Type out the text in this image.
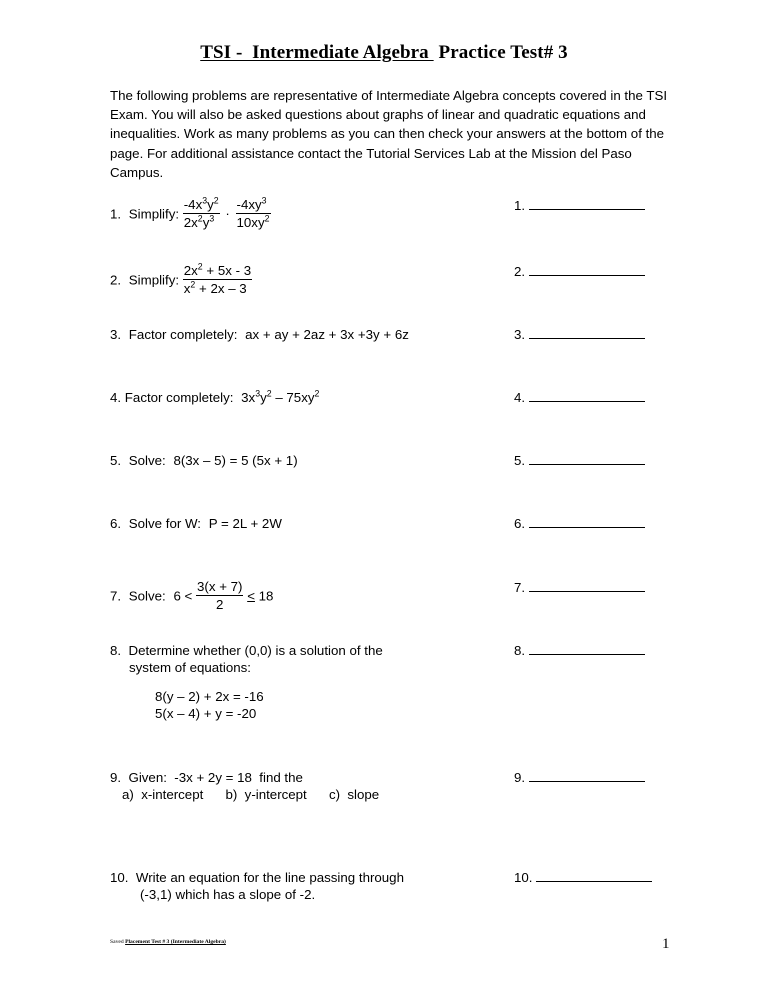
TSI -  Intermediate Algebra  Practice Test# 3
The following problems are representative of Intermediate Algebra concepts covered in the TSI Exam. You will also be asked questions about graphs of linear and quadratic equations and inequalities. Work as many problems as you can then check your answers at the bottom of the page. For additional assistance contact the Tutorial Services Lab at the Mission del Paso Campus.
1. Simplify: $\frac{-4x^3y^2}{2x^2y^3} \cdot \frac{-4xy^3}{10xy^2}$
2. Simplify: $\frac{2x^2 + 5x - 3}{x^2 + 2x - 3}$
3. Factor completely: ax + ay + 2az + 3x +3y + 6z
4. Factor completely: $3x^3y^2 - 75xy^2$
5. Solve: 8(3x – 5) = 5 (5x + 1)
6. Solve for W: P = 2L + 2W
7. Solve: $6 < \frac{3(x + 7)}{2} \le 18$
8. Determine whether (0,0) is a solution of the
system of equations:
8(y – 2) + 2x = -16
5(x – 4) + y = -20
9. Given:  -3x + 2y = 18  find the
a)  x-intercept b)  y-intercept c)  slope
10. Write an equation for the line passing through
(-3,1) which has a slope of -2.
1.
2.
3.
4.
5.
6.
7.
8.
9.
10.
Saved Placement Test # 3 (Intermediate Algebra)	1
